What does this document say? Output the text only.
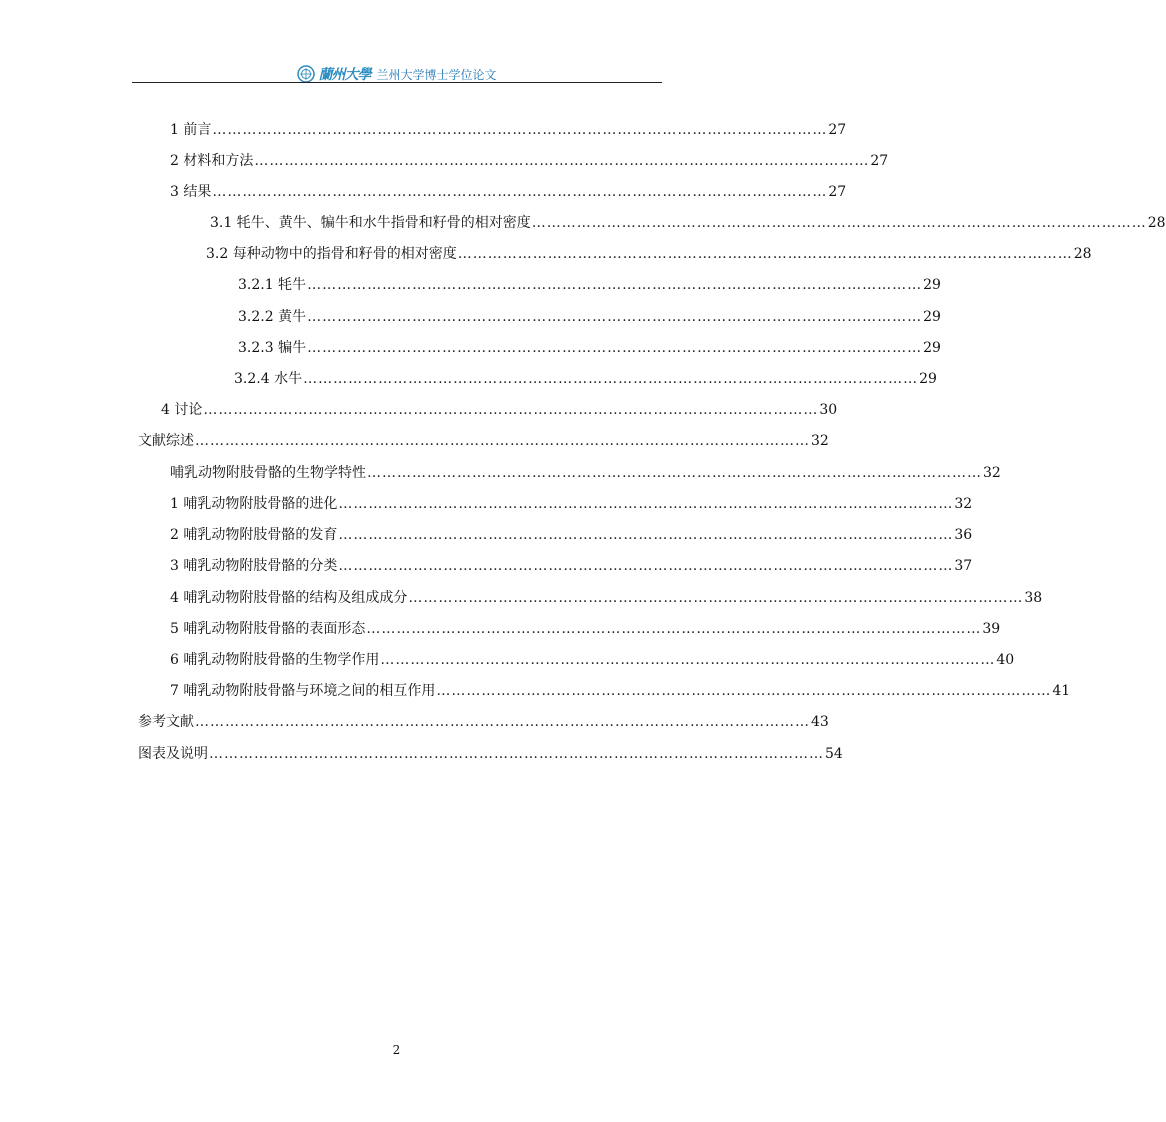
蘭州大學 兰州大学博士学位论文
1 前言 …………………………………………………………………………………………………………… 27
2 材料和方法 …………………………………………………………………………………………………………… 27
3 结果 …………………………………………………………………………………………………………… 27
3.1 牦牛、黄牛、犏牛和水牛指骨和籽骨的相对密度 …………………………………………………………………………………………………………… 28
3.2 每种动物中的指骨和籽骨的相对密度 …………………………………………………………………………………………………………… 28
3.2.1 牦牛 …………………………………………………………………………………………………………… 29
3.2.2 黄牛 …………………………………………………………………………………………………………… 29
3.2.3 犏牛 …………………………………………………………………………………………………………… 29
3.2.4 水牛 …………………………………………………………………………………………………………… 29
4 讨论 …………………………………………………………………………………………………………… 30
文献综述 …………………………………………………………………………………………………………… 32
哺乳动物附肢骨骼的生物学特性 …………………………………………………………………………………………………………… 32
1 哺乳动物附肢骨骼的进化 …………………………………………………………………………………………………………… 32
2 哺乳动物附肢骨骼的发育 …………………………………………………………………………………………………………… 36
3 哺乳动物附肢骨骼的分类 …………………………………………………………………………………………………………… 37
4 哺乳动物附肢骨骼的结构及组成成分 …………………………………………………………………………………………………………… 38
5 哺乳动物附肢骨骼的表面形态 …………………………………………………………………………………………………………… 39
6 哺乳动物附肢骨骼的生物学作用 …………………………………………………………………………………………………………… 40
7 哺乳动物附肢骨骼与环境之间的相互作用 …………………………………………………………………………………………………………… 41
参考文献 …………………………………………………………………………………………………………… 43
图表及说明 …………………………………………………………………………………………………………… 54
2
